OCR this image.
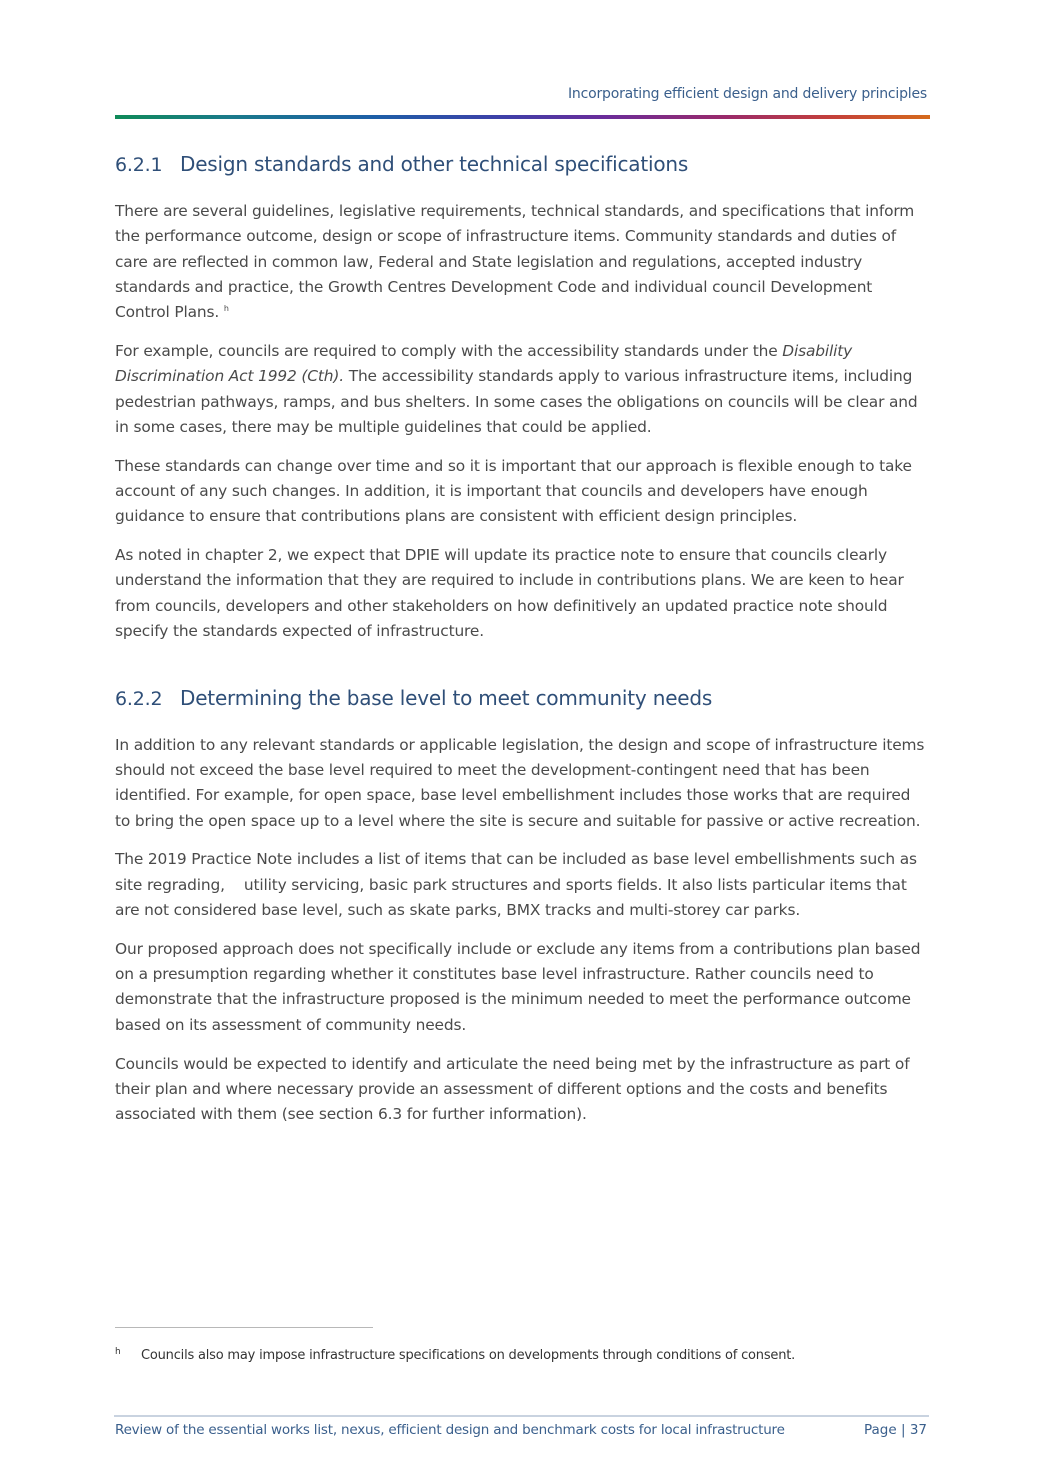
Incorporating efficient design and delivery principles
6.2.1 Design standards and other technical specifications

There are several guidelines, legislative requirements, technical standards, and specifications that inform the performance outcome, design or scope of infrastructure items. Community standards and duties of care are reflected in common law, Federal and State legislation and regulations, accepted industry standards and practice, the Growth Centres Development Code and individual council Development Control Plans. $^h$

For example, councils are required to comply with the accessibility standards under the Disability Discrimination Act 1992 (Cth). The accessibility standards apply to various infrastructure items, including pedestrian pathways, ramps, and bus shelters. In some cases the obligations on councils will be clear and in some cases, there may be multiple guidelines that could be applied.

These standards can change over time and so it is important that our approach is flexible enough to take account of any such changes. In addition, it is important that councils and developers have enough guidance to ensure that contributions plans are consistent with efficient design principles.

As noted in chapter 2, we expect that DPIE will update its practice note to ensure that councils clearly understand the information that they are required to include in contributions plans. We are keen to hear from councils, developers and other stakeholders on how definitively an updated practice note should specify the standards expected of infrastructure.

6.2.2 Determining the base level to meet community needs

In addition to any relevant standards or applicable legislation, the design and scope of infrastructure items should not exceed the base level required to meet the development-contingent need that has been identified. For example, for open space, base level embellishment includes those works that are required to bring the open space up to a level where the site is secure and suitable for passive or active recreation.

The 2019 Practice Note includes a list of items that can be included as base level embellishments such as site regrading,    utility servicing, basic park structures and sports fields. It also lists particular items that are not considered base level, such as skate parks, BMX tracks and multi-storey car parks.

Our proposed approach does not specifically include or exclude any items from a contributions plan based on a presumption regarding whether it constitutes base level infrastructure. Rather councils need to demonstrate that the infrastructure proposed is the minimum needed to meet the performance outcome based on its assessment of community needs.

Councils would be expected to identify and articulate the need being met by the infrastructure as part of their plan and where necessary provide an assessment of different options and the costs and benefits associated with them (see section 6.3 for further information).

h Councils also may impose infrastructure specifications on developments through conditions of consent.
Review of the essential works list, nexus, efficient design and benchmark costs for local infrastructure	Page | 37
